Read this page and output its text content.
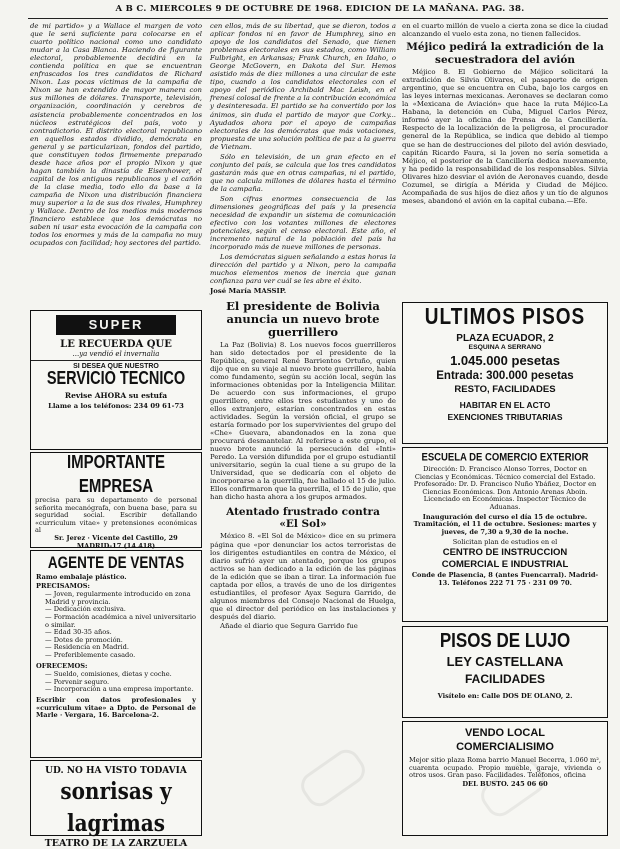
A B C. MIERCOLES 9 DE OCTUBRE DE 1968. EDICION DE LA MAÑANA. PAG. 38.

de mi partido» y a Wallace el margen de voto que le será suficiente para colocarse en el cuarto político nacional como uno candidato mudar a la Casa Blanca. Haciendo de figurante electoral, probablemente decidirá en la contienda política en que se encuentran enfrascados los tres candidatos de Richard Nixon. Las pocas víctimas de la campaña de Nixon se han extendido de mayor manera con sus millones de dólares. Transporte, televisión, organización, coordinación y cerebros de asistencia probablemente concentrados en los núcleos estratégicos del país, voto y contradictorio. El distrito electoral republicano en aquellos estados dividido, demócrata en general y se particularizan, fondos del partido, que constituyen todos firmemente preparado desde hace años por el propio Nixon y que hagan también la dinastía de Eisenhower, el capital de los antiguos republicanos y el cañón de la clase media, todo ello da base a la campaña de Nixon una distribución financiera muy superior a la de sus dos rivales, Humphrey y Wallace. Dentro de los medios más modernos financiero establece que los demócratas no saben ni usar esta evocación de la campaña con todos los enormes y más de la campaña no muy ocupados con facilidad; hoy sectores del partido.

SUPER
LE RECUERDA QUE
...ya vendió el invernalia
SI DESEA QUE NUESTRO
SERVICIO TECNICO
Revise AHORA su estufa
Llame a los teléfonos: 234 09 61-73
IMPORTANTE EMPRESA

precisa para su departamento de personal señorita mecanógrafa, con buena base, para su seguridad social. Escribir detallando «curriculum vitae» y pretensiones económicas al

Sr. Jerez · Vicente del Castillo, 29
MADRID-17 (14.418)
AGENTE DE VENTAS
Ramo embalaje plástico.
PRECISAMOS:
— Joven, regularmente introducido en zona Madrid y provincia.
— Dedicación exclusiva.
— Formación académica a nivel universitario o similar.
— Edad 30-35 años.
— Dotes de promoción.
— Residencia en Madrid.
— Preferiblemente casado.
OFRECEMOS:
— Sueldo, comisiones, dietas y coche.
— Porvenir seguro.
— Incorporación a una empresa importante.

Escribir con datos profesionales y «curriculum vitae» a Dpto. de Personal de Marle · Vergara, 16. Barcelona-2.

UD. NO HA VISTO TODAVIA
sonrisas y lagrimas
TEATRO DE LA ZARZUELA

cen ellos, más de su libertad, que se dieron, todos a aplicar fondos ni en favor de Humphrey, sino en apoyo de los candidatos del Senado, que tienen problemas electorales en sus estados, como William Fulbright, en Arkansas; Frank Church, en Idaho, o George McGovern, en Dakota del Sur. Hemos asistido más de diez millones a una circular de este tipo, cuando a los candidatos electorales con el apoyo del periódico Archibald Mac Leish, en el frenesí colosal de frente a la contribución económica y desinteresada. El partido se ha convertido por los ánimos, sin duda el partido de mayor que Corky... Ayudados ahora por el apoyo de campañas electorales de los demócratas que más votaciones, propuesta de una solución política de paz a la guerra de Vietnam.

Sólo en televisión, de un gran efecto en el conjunto del país, se calcula que los tres candidatos gastarán más que en otras campañas, ni el partido, que no calcula millones de dólares hasta el término de la campaña.

Son cifras enormes consecuencia de las dimensiones geográficas del país y la presencia necesidad de expandir un sistema de comunicación efectivo con los votantes millones de electores potenciales, según el censo electoral. Este año, el incremento natural de la población del país ha incorporado más de nueve millones de personas.

Los demócratas siguen señalando a estas horas la dirección del partido y a Nixon, pero la campaña muchos elementos menos de inercia que ganan confianza para ver cuál se les abre el éxito.

José María MASSIP.
El presidente de Bolivia anuncia un nuevo brote guerrillero

La Paz (Bolivia) 8. Los nuevos focos guerrilleros han sido detectados por el presidente de la República, general René Barrientos Ortuño, quien dijo que en su viaje al nuevo brote guerrillero, había como fundamento, según su acción local, según las informaciones obtenidas por la Inteligencia Militar. De acuerdo con sus informaciones, el grupo guerrillero, entre ellos tres estudiantes y uno de ellos extranjero, estarían concentrados en estas actividades. Según la versión oficial, el grupo se estaría formado por los supervivientes del grupo del «Che» Guevara, abandonados en la zona que procurará desmantelar. Al referirse a este grupo, el nuevo brote anunció la persecución del «Inti» Peredo. La versión difundida por el grupo estudiantil universitario, según la cual tiene a su grupo de la Universidad, que se dedicaría con el objeto de incorporarse a la guerrilla, fue hallado el 15 de julio. Ellos confirmaron que la guerrilla, el 15 de julio, que han dicho hasta ahora a los grupos armados.

Atentado frustrado contra
«El Sol»

México 8. «El Sol de México» dice en su primera página que «por denunciar los actos terroristas de los dirigentes estudiantiles en contra de México, el diario sufrió ayer un atentado, porque los grupos activos se han dedicado a la edición de las páginas de la edición que se iban a tirar. La información fue captada por ellos, a través de uno de los dirigentes estudiantiles, el profesor Ayax Segura Garrido, de algunos miembros del Consejo Nacional de Huelga, que el director del periódico en las instalaciones y después del diario.

Añade el diario que Segura Garrido fue

en el cuarto millón de vuelo a cierta zona se dice la ciudad alcanzando el vuelo esta zona, no tienen fallecidos.

Méjico pedirá la extradición de la secuestradora del avión

Méjico 8. El Gobierno de Méjico solicitará la extradición de Silvia Olivares, el pasaporte de origen argentino, que se encuentra en Cuba, bajo los cargos en las leyes internas mexicanas. Aeronaves se declaran como la «Mexicana de Aviación» que hace la ruta Méjico-La Habana, la detención en Cuba, Miguel Carlos Pérez, informó ayer la oficina de Prensa de la Cancillería. Respecto de la localización de la peligrosa, el procurador general de la República, se indica que debido al tiempo que se han de destrucciones del piloto del avión desviado, capitán Ricardo Faura, si la joven no sería sometida a Méjico, el posterior de la Cancillería dedica nuevamente, y ha pedido la responsabilidad de los responsables. Silvia Olivares hizo desviar el avión de Aeronaves cuando, desde Cozumel, se dirigía a Mérida y Ciudad de Méjico. Acompañada de sus hijos de diez años y un tío de algunos meses, abandonó el avión en la capital cubana.—Efe.

ULTIMOS PISOS
PLAZA ECUADOR, 2
ESQUINA A SERRANO
1.045.000 pesetas
Entrada: 300.000 pesetas
RESTO, FACILIDADES
HABITAR EN EL ACTO
EXENCIONES TRIBUTARIAS
ESCUELA DE COMERCIO EXTERIOR

Dirección: D. Francisco Alonso Torres, Doctor en Ciencias y Económicas. Técnico comercial del Estado. Profesorado: Dr. D. Francisco Nuño Ybáñez, Doctor en Ciencias Económicas. Don Antonio Arenas Aboin. Licenciado en Económicas. Inspector Técnico de Aduanas.

Inauguración del curso el día 15 de octubre. Tramitación, el 11 de octubre. Sesiones: martes y jueves, de 7,30 a 9,30 de la noche.

Solicitan plan de estudios en el
CENTRO DE INSTRUCCION
COMERCIAL E INDUSTRIAL

Conde de Plasencia, 8 (antes Fuencarral). Madrid-13. Teléfonos 222 71 75 · 231 09 70.

PISOS DE LUJO
LEY CASTELLANA
FACILIDADES
Visítelo en: Calle DOS DE OLANO, 2.
VENDO LOCAL
COMERCIALISIMO

Mejor sitio plaza Roma barrio Manuel Becerra, 1.060 m², cuarenta ocupado. Propio mueble, garaje, vivienda o otros usos. Gran paso. Facilidades. Teléfonos, oficina

DEL BUSTO. 245 06 60
